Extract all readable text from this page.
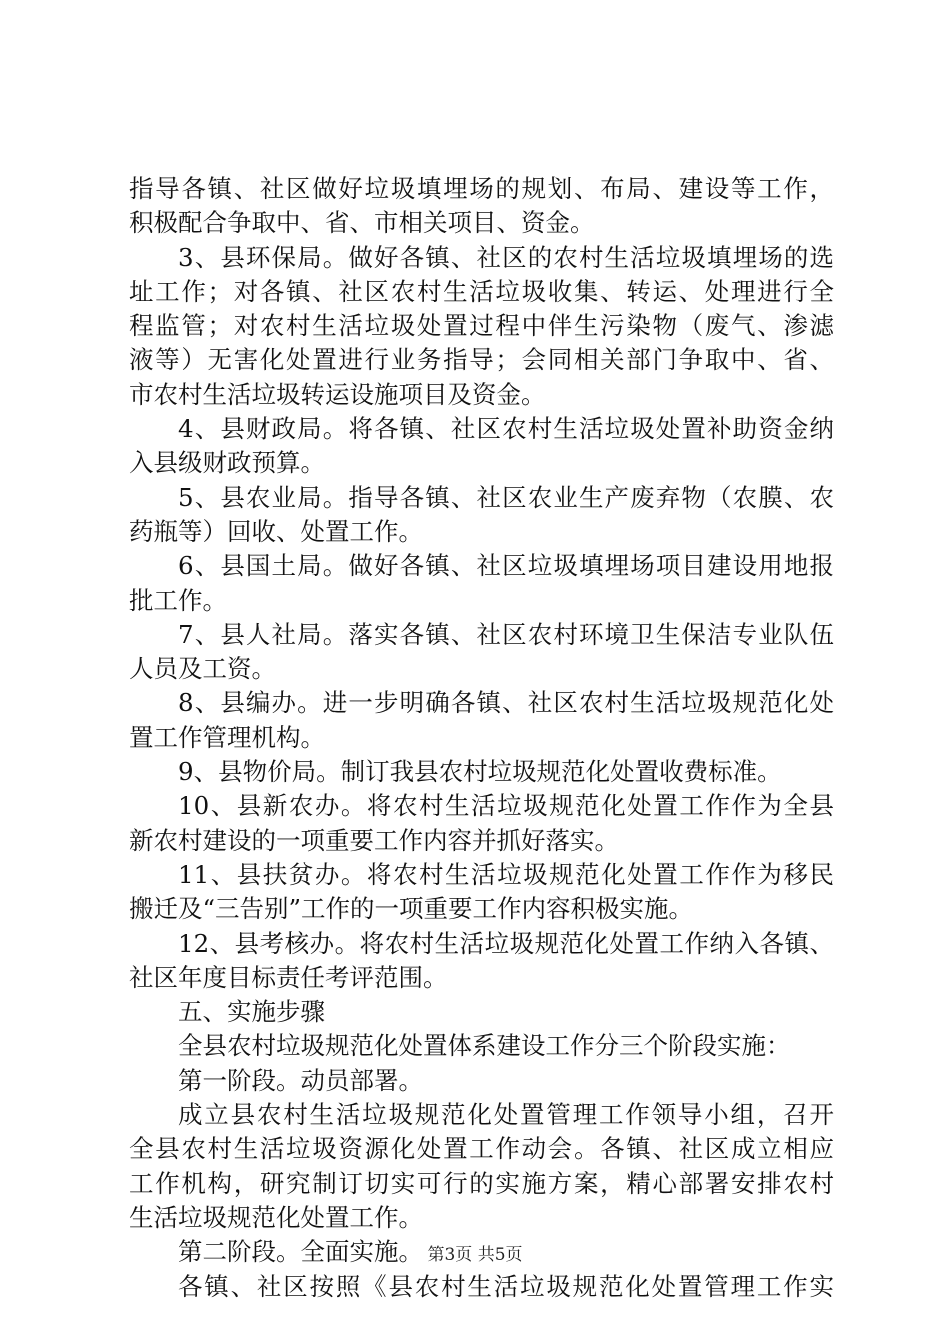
指导各镇、社区做好垃圾填埋场的规划、布局、建设等工作，
积极配合争取中、省、市相关项目、资金。
3、县环保局。做好各镇、社区的农村生活垃圾填埋场的选
址工作；对各镇、社区农村生活垃圾收集、转运、处理进行全
程监管；对农村生活垃圾处置过程中伴生污染物（废气、渗滤
液等）无害化处置进行业务指导；会同相关部门争取中、省、
市农村生活垃圾转运设施项目及资金。
4、县财政局。将各镇、社区农村生活垃圾处置补助资金纳
入县级财政预算。
5、县农业局。指导各镇、社区农业生产废弃物（农膜、农
药瓶等）回收、处置工作。
6、县国土局。做好各镇、社区垃圾填埋场项目建设用地报
批工作。
7、县人社局。落实各镇、社区农村环境卫生保洁专业队伍
人员及工资。
8、县编办。进一步明确各镇、社区农村生活垃圾规范化处
置工作管理机构。
9、县物价局。制订我县农村垃圾规范化处置收费标准。
10、县新农办。将农村生活垃圾规范化处置工作作为全县
新农村建设的一项重要工作内容并抓好落实。
11、县扶贫办。将农村生活垃圾规范化处置工作作为移民
搬迁及“三告别”工作的一项重要工作内容积极实施。
12、县考核办。将农村生活垃圾规范化处置工作纳入各镇、
社区年度目标责任考评范围。
五、实施步骤
全县农村垃圾规范化处置体系建设工作分三个阶段实施：
第一阶段。动员部署。
成立县农村生活垃圾规范化处置管理工作领导小组，召开
全县农村生活垃圾资源化处置工作动会。各镇、社区成立相应
工作机构，研究制订切实可行的实施方案，精心部署安排农村
生活垃圾规范化处置工作。
第二阶段。全面实施。
各镇、社区按照《县农村生活垃圾规范化处置管理工作实
第3页 共5页
